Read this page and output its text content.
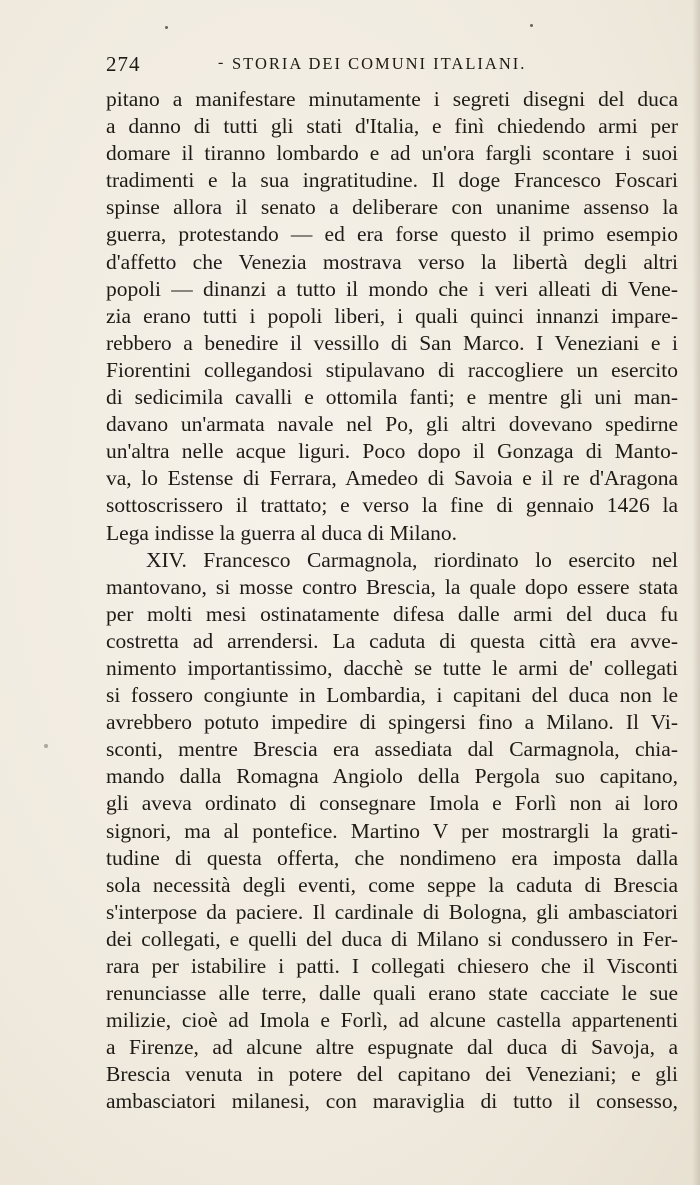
274	- STORIA DEI COMUNI ITALIANI.
pitano a manifestare minutamente i segreti disegni del duca
a danno di tutti gli stati d'Italia, e finì chiedendo armi per
domare il tiranno lombardo e ad un'ora fargli scontare i suoi
tradimenti e la sua ingratitudine. Il doge Francesco Foscari
spinse allora il senato a deliberare con unanime assenso la
guerra, protestando — ed era forse questo il primo esempio
d'affetto che Venezia mostrava verso la libertà degli altri
popoli — dinanzi a tutto il mondo che i veri alleati di Vene-
zia erano tutti i popoli liberi, i quali quinci innanzi impare-
rebbero a benedire il vessillo di San Marco. I Veneziani e i
Fiorentini collegandosi stipulavano di raccogliere un esercito
di sedicimila cavalli e ottomila fanti; e mentre gli uni man-
davano un'armata navale nel Po, gli altri dovevano spedirne
un'altra nelle acque liguri. Poco dopo il Gonzaga di Manto-
va, lo Estense di Ferrara, Amedeo di Savoia e il re d'Aragona
sottoscrissero il trattato; e verso la fine di gennaio 1426 la
Lega indisse la guerra al duca di Milano.
XIV. Francesco Carmagnola, riordinato lo esercito nel
mantovano, si mosse contro Brescia, la quale dopo essere stata
per molti mesi ostinatamente difesa dalle armi del duca fu
costretta ad arrendersi. La caduta di questa città era avve-
nimento importantissimo, dacchè se tutte le armi de' collegati
si fossero congiunte in Lombardia, i capitani del duca non le
avrebbero potuto impedire di spingersi fino a Milano. Il Vi-
sconti, mentre Brescia era assediata dal Carmagnola, chia-
mando dalla Romagna Angiolo della Pergola suo capitano,
gli aveva ordinato di consegnare Imola e Forlì non ai loro
signori, ma al pontefice. Martino V per mostrargli la grati-
tudine di questa offerta, che nondimeno era imposta dalla
sola necessità degli eventi, come seppe la caduta di Brescia
s'interpose da paciere. Il cardinale di Bologna, gli ambasciatori
dei collegati, e quelli del duca di Milano si condussero in Fer-
rara per istabilire i patti. I collegati chiesero che il Visconti
renunciasse alle terre, dalle quali erano state cacciate le sue
milizie, cioè ad Imola e Forlì, ad alcune castella appartenenti
a Firenze, ad alcune altre espugnate dal duca di Savoja, a
Brescia venuta in potere del capitano dei Veneziani; e gli
ambasciatori milanesi, con maraviglia di tutto il consesso,
